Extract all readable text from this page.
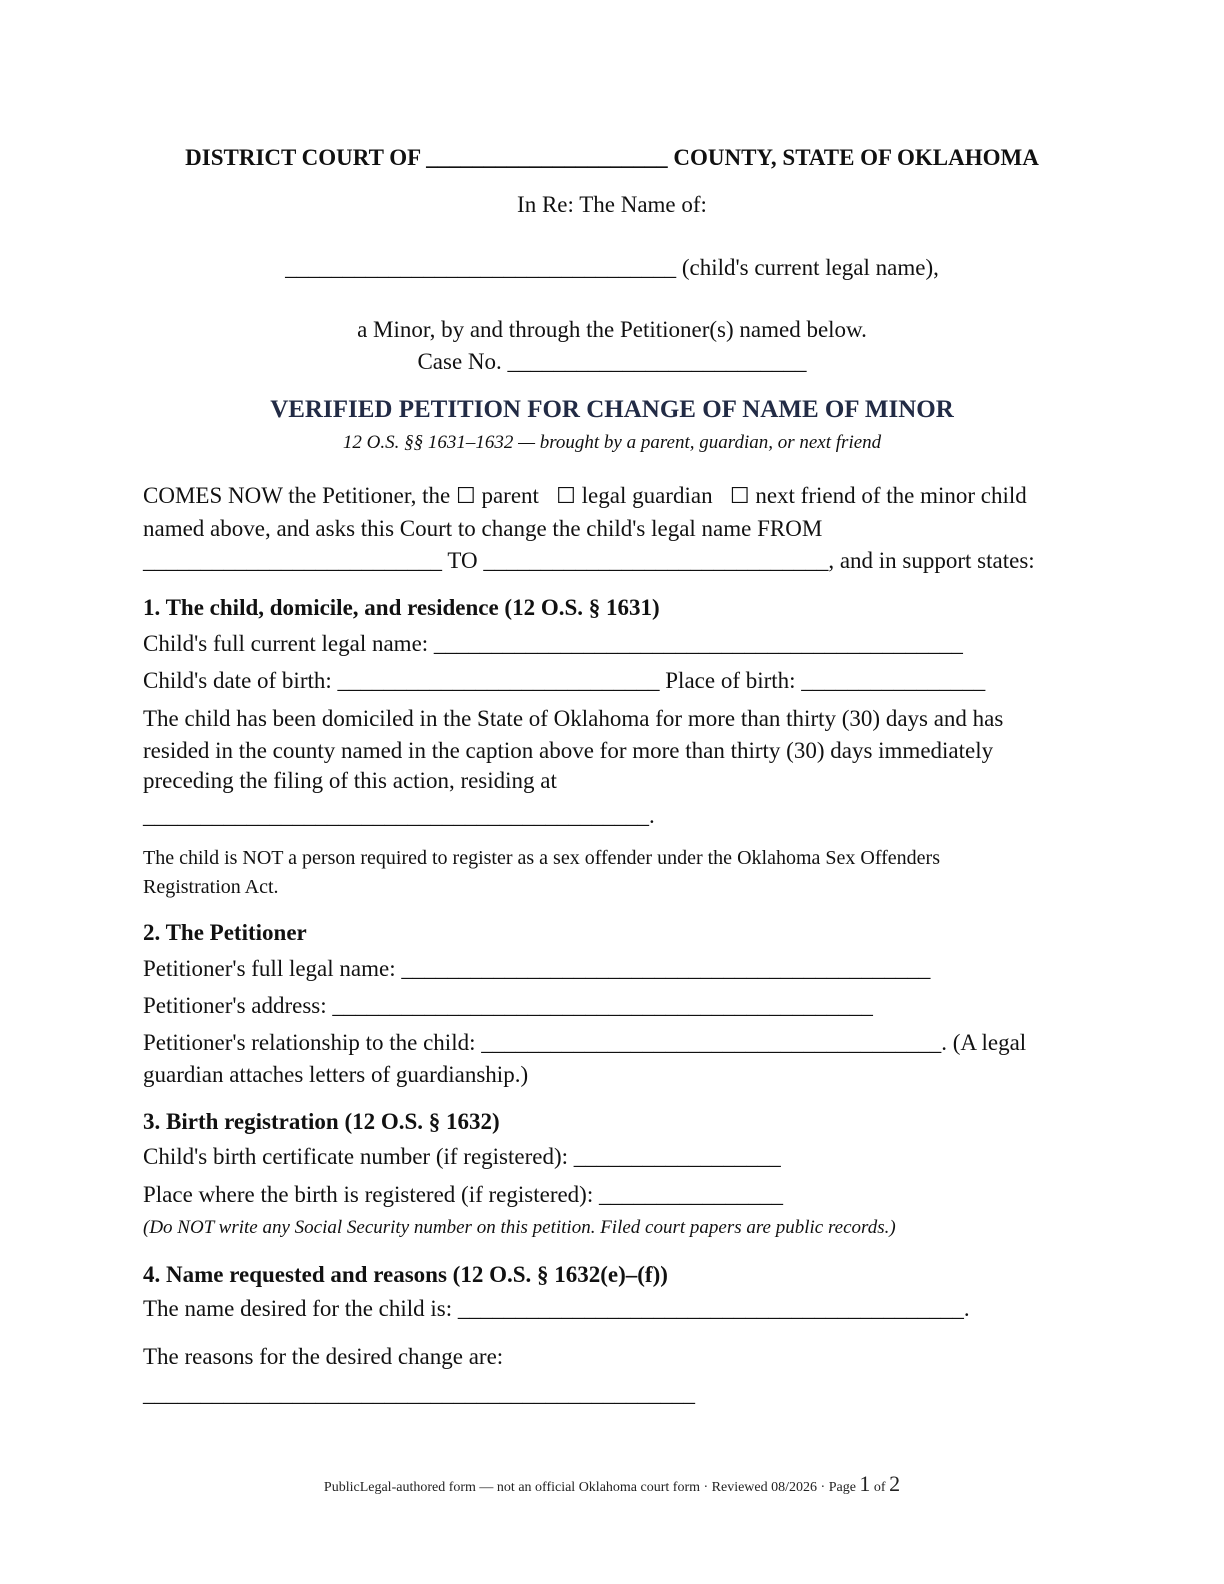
DISTRICT COURT OF _____________________ COUNTY, STATE OF OKLAHOMA

In Re: The Name of:

__________________________________ (child's current legal name),

a Minor, by and through the Petitioner(s) named below.

Case No. __________________________

VERIFIED PETITION FOR CHANGE OF NAME OF MINOR

12 O.S. §§ 1631–1632 — brought by a parent, guardian, or next friend

COMES NOW the Petitioner, the ☐ parent ☐ legal guardian ☐ next friend of the minor child

named above, and asks this Court to change the child's legal name FROM

__________________________ TO ______________________________, and in support states:

1. The child, domicile, and residence (12 O.S. § 1631)

Child's full current legal name: ______________________________________________

Child's date of birth: ____________________________ Place of birth: ________________

The child has been domiciled in the State of Oklahoma for more than thirty (30) days and has

resided in the county named in the caption above for more than thirty (30) days immediately

preceding the filing of this action, residing at

____________________________________________.

The child is NOT a person required to register as a sex offender under the Oklahoma Sex Offenders

Registration Act.

2. The Petitioner

Petitioner's full legal name: ______________________________________________

Petitioner's address: _______________________________________________

Petitioner's relationship to the child: ________________________________________. (A legal

guardian attaches letters of guardianship.)

3. Birth registration (12 O.S. § 1632)

Child's birth certificate number (if registered): __________________

Place where the birth is registered (if registered): ________________

(Do NOT write any Social Security number on this petition. Filed court papers are public records.)

4. Name requested and reasons (12 O.S. § 1632(e)–(f))

The name desired for the child is: ____________________________________________.

The reasons for the desired change are:

________________________________________________

PublicLegal-authored form — not an official Oklahoma court form · Reviewed 08/2026 · Page 1 of 2
